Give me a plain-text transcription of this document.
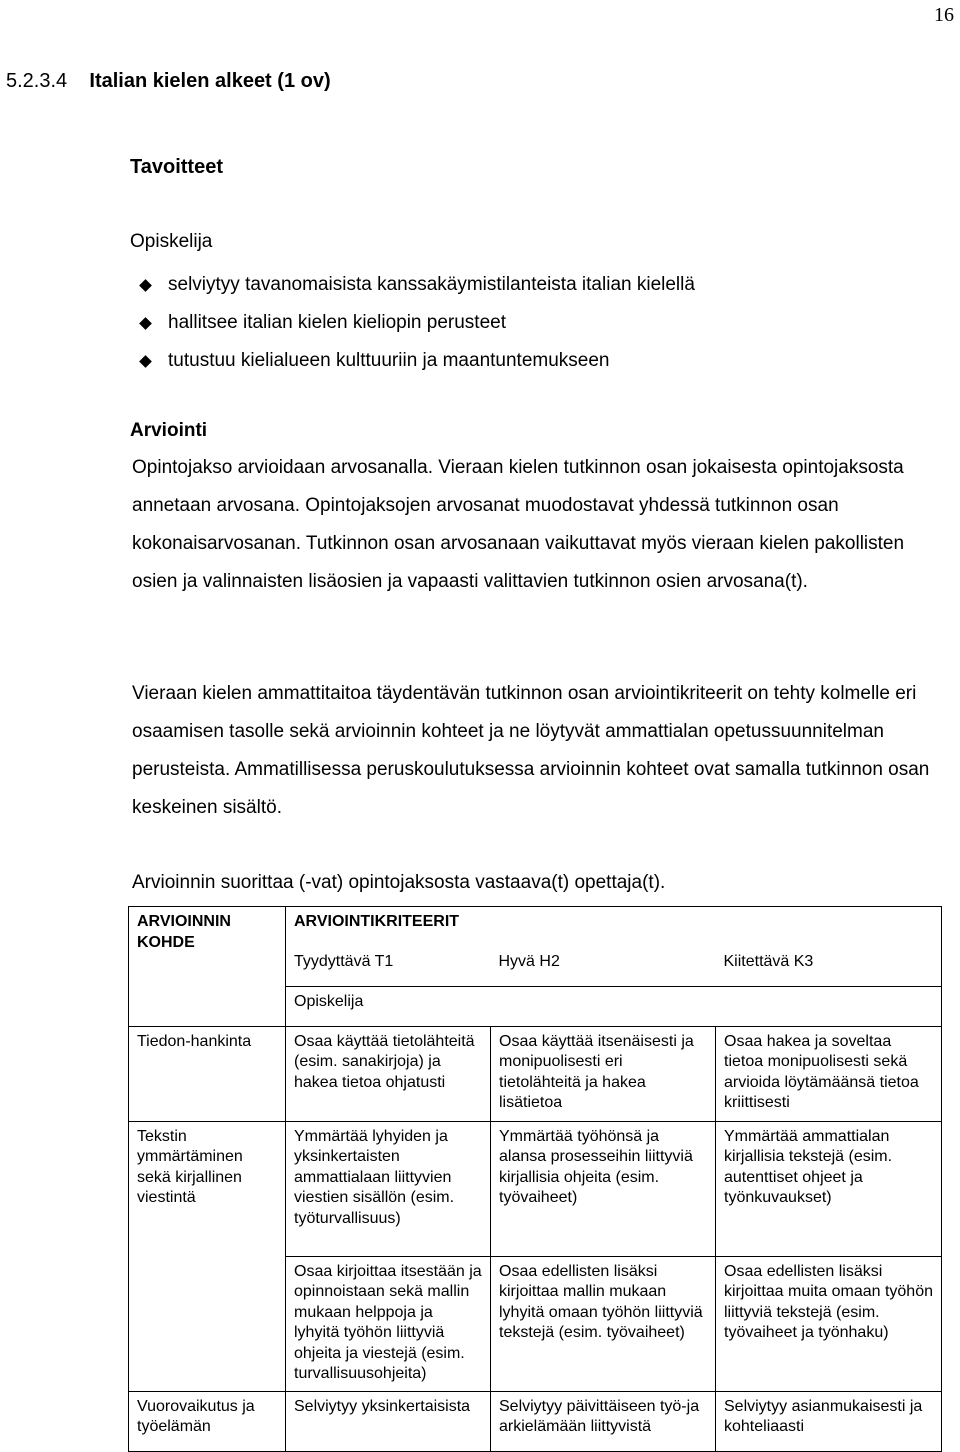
16
5.2.3.4 Italian kielen alkeet (1 ov)
Tavoitteet
Opiskelija
selviytyy tavanomaisista kanssakäymistilanteista italian kielellä
hallitsee italian kielen kieliopin perusteet
tutustuu kielialueen kulttuuriin ja maantuntemukseen
Arviointi

Opintojakso arvioidaan arvosanalla. Vieraan kielen tutkinnon osan jokaisesta opintojaksosta annetaan arvosana. Opintojaksojen arvosanat muodostavat yhdessä tutkinnon osan kokonaisarvosanan. Tutkinnon osan arvosanaan vaikuttavat myös vieraan kielen pakollisten osien ja valinnaisten lisäosien ja vapaasti valittavien tutkinnon osien arvosana(t).

Vieraan kielen ammattitaitoa täydentävän tutkinnon osan arviointikriteerit on tehty kolmelle eri osaamisen tasolle sekä arvioinnin kohteet ja ne löytyvät ammattialan opetussuunnitelman perusteista. Ammatillisessa peruskoulutuksessa arvioinnin kohteet ovat samalla tutkinnon osan keskeinen sisältö.

Arvioinnin suorittaa (-vat) opintojaksosta vastaava(t) opettaja(t).

ARVIOINNIN KOHDE	ARVIOINTIKRITEERIT		
	Tyydyttävä T1	Hyvä H2	Kiitettävä K3
	Opiskelija		
Tiedon-hankinta	Osaa käyttää tietolähteitä (esim. sanakirjoja) ja hakea tietoa ohjatusti	Osaa käyttää itsenäisesti ja monipuolisesti eri tietolähteitä ja hakea lisätietoa	Osaa hakea ja soveltaa tietoa monipuolisesti sekä arvioida löytämäänsä tietoa kriittisesti
Tekstin ymmärtäminen sekä kirjallinen viestintä	Ymmärtää lyhyiden ja yksinkertaisten ammattialaan liittyvien viestien sisällön (esim. työturvallisuus)	Ymmärtää työhönsä ja alansa prosesseihin liittyviä kirjallisia ohjeita (esim. työvaiheet)	Ymmärtää ammattialan kirjallisia tekstejä (esim. autenttiset ohjeet ja työnkuvaukset)
	Osaa kirjoittaa itsestään ja opinnoistaan sekä mallin mukaan helppoja ja lyhyitä työhön liittyviä ohjeita ja viestejä (esim. turvallisuusohjeita)	Osaa edellisten lisäksi kirjoittaa mallin mukaan lyhyitä omaan työhön liittyviä tekstejä (esim. työvaiheet)	Osaa edellisten lisäksi kirjoittaa muita omaan työhön liittyviä tekstejä (esim. työvaiheet ja työnhaku)
Vuorovaikutus ja työelämän	Selviytyy yksinkertaisista	Selviytyy päivittäiseen työ-ja arkielämään liittyvistä	Selviytyy asianmukaisesti ja kohteliaasti
